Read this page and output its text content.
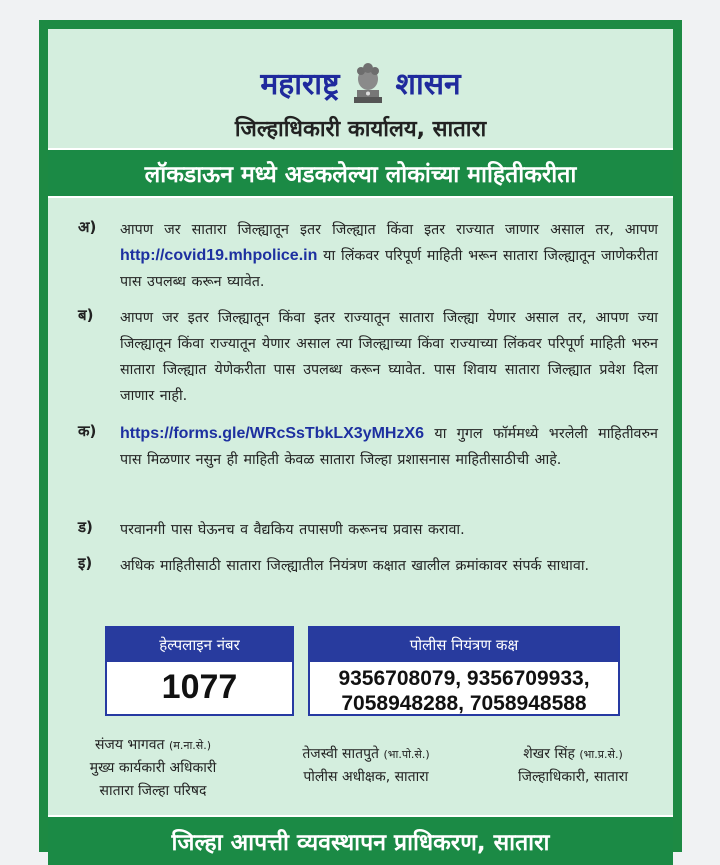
महाराष्ट्र शासन
जिल्हाधिकारी कार्यालय, सातारा
लॉकडाऊन मध्ये अडकलेल्या लोकांच्या माहितीकरीता
अ)	आपण जर सातारा जिल्ह्यातून इतर जिल्ह्यात किंवा इतर राज्यात जाणार असाल तर, आपण http://covid19.mhpolice.in या लिंकवर परिपूर्ण माहिती भरून सातारा जिल्ह्यातून जाणेकरीता पास उपलब्ध करून घ्यावेत.
ब)	आपण जर इतर जिल्ह्यातून किंवा इतर राज्यातून सातारा जिल्ह्या येणार असाल तर, आपण ज्या जिल्ह्यातून किंवा राज्यातून येणार असाल त्या जिल्ह्याच्या किंवा राज्याच्या लिंकवर परिपूर्ण माहिती भरुन सातारा जिल्ह्यात येणेकरीता पास उपलब्ध करून घ्यावेत. पास शिवाय सातारा जिल्ह्यात प्रवेश दिला जाणार नाही.
क)	https://forms.gle/WRcSsTbkLX3yMHzX6 या गुगल फॉर्ममध्ये भरलेली माहितीवरुन पास मिळणार नसुन ही माहिती केवळ सातारा जिल्हा प्रशासनास माहितीसाठीची आहे.
ड)	परवानगी पास घेऊनच व वैद्यकिय तपासणी करूनच प्रवास करावा.
इ)	अधिक माहितीसाठी सातारा जिल्ह्यातील नियंत्रण कक्षात खालील क्रमांकावर संपर्क साधावा.
हेल्पलाइन नंबर
1077
पोलीस नियंत्रण कक्ष
9356708079, 9356709933,
7058948288, 7058948588
संजय भागवत (म.ना.से.)
मुख्य कार्यकारी अधिकारी
सातारा जिल्हा परिषद
तेजस्वी सातपुते (भा.पो.से.)
पोलीस अधीक्षक, सातारा
शेखर सिंह (भा.प्र.से.)
जिल्हाधिकारी, सातारा
जिल्हा आपत्ती व्यवस्थापन प्राधिकरण, सातारा
